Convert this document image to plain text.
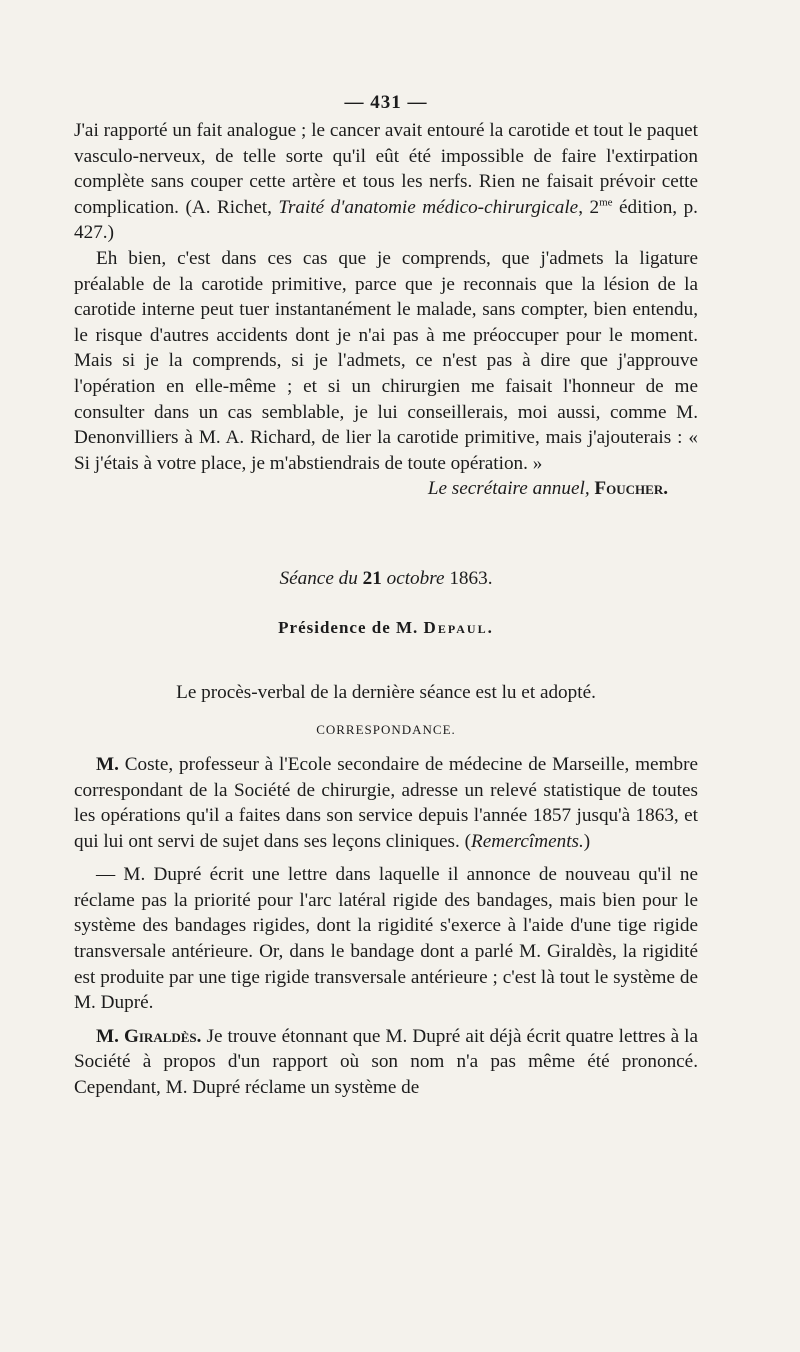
— 431 —

J'ai rapporté un fait analogue ; le cancer avait entouré la carotide et tout le paquet vasculo-nerveux, de telle sorte qu'il eût été impossible de faire l'extirpation complète sans couper cette artère et tous les nerfs. Rien ne faisait prévoir cette complication. (A. Richet, Traité d'anatomie médico-chirurgicale, $2^{me}$ édition, p. 427.)

Eh bien, c'est dans ces cas que je comprends, que j'admets la ligature préalable de la carotide primitive, parce que je reconnais que la lésion de la carotide interne peut tuer instantanément le malade, sans compter, bien entendu, le risque d'autres accidents dont je n'ai pas à me préoccuper pour le moment. Mais si je la comprends, si je l'admets, ce n'est pas à dire que j'approuve l'opération en elle-même ; et si un chirurgien me faisait l'honneur de me consulter dans un cas semblable, je lui conseillerais, moi aussi, comme M. Denonvilliers à M. A. Richard, de lier la carotide primitive, mais j'ajouterais : « Si j'étais à votre place, je m'abstiendrais de toute opération. »

Le secrétaire annuel, Foucher.
Séance du 21 octobre 1863.
Présidence de M. Depaul.
Le procès-verbal de la dernière séance est lu et adopté.
CORRESPONDANCE.

M. Coste, professeur à l'Ecole secondaire de médecine de Marseille, membre correspondant de la Société de chirurgie, adresse un relevé statistique de toutes les opérations qu'il a faites dans son service depuis l'année 1857 jusqu'à 1863, et qui lui ont servi de sujet dans ses leçons cliniques. (Remercîments.)

— M. Dupré écrit une lettre dans laquelle il annonce de nouveau qu'il ne réclame pas la priorité pour l'arc latéral rigide des bandages, mais bien pour le système des bandages rigides, dont la rigidité s'exerce à l'aide d'une tige rigide transversale antérieure. Or, dans le bandage dont a parlé M. Giraldès, la rigidité est produite par une tige rigide transversale antérieure ; c'est là tout le système de M. Dupré.

M. Giraldès. Je trouve étonnant que M. Dupré ait déjà écrit quatre lettres à la Société à propos d'un rapport où son nom n'a pas même été prononcé. Cependant, M. Dupré réclame un système de
